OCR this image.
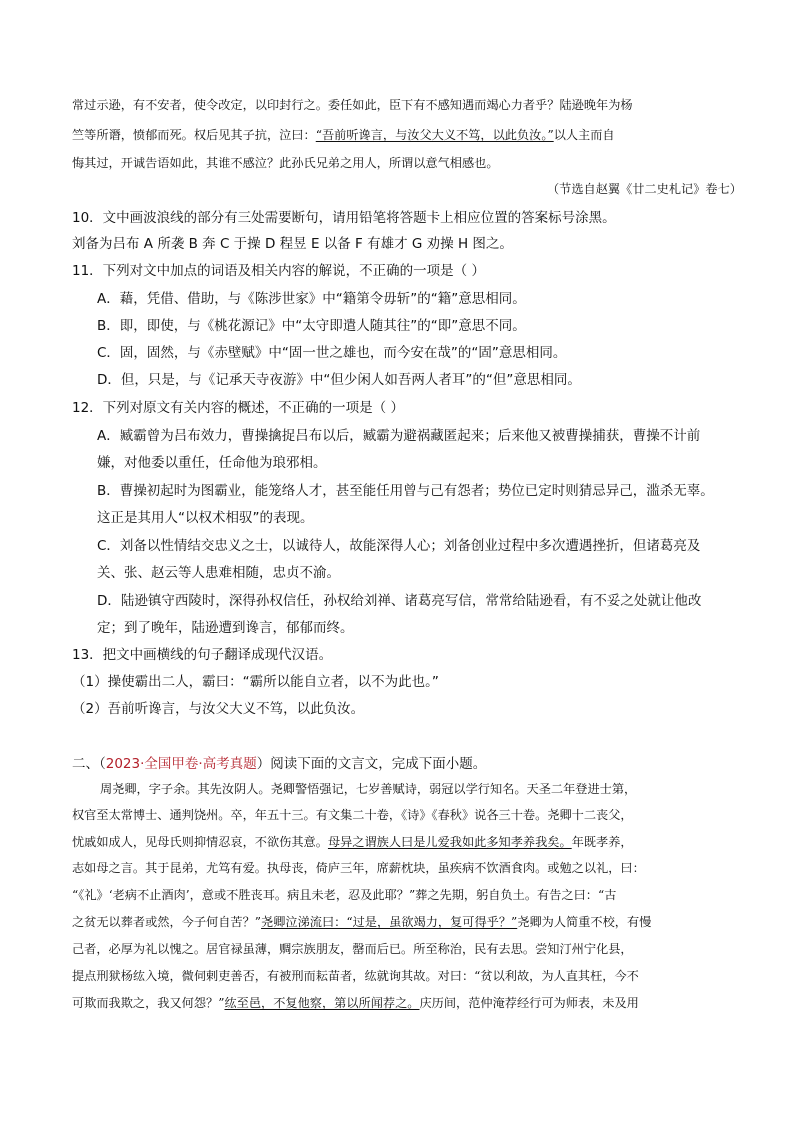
常过示逊，有不安者，使令改定，以印封行之。委任如此，臣下有不感知遇而竭心力者乎？陆逊晚年为杨
竺等所谮，愤郁而死。权后见其子抗，泣曰：“吾前听谗言，与汝父大义不笃，以此负汝。”以人主而自
悔其过，开诚告语如此，其谁不感泣？此孙氏兄弟之用人，所谓以意气相感也。
（节选自赵翼《廿二史札记》卷七）
10．文中画波浪线的部分有三处需要断句，请用铅笔将答题卡上相应位置的答案标号涂黑。
刘备为吕布 A 所袭 B 奔 C 于操 D 程昱 E 以备 F 有雄才 G 劝操 H 图之。
11．下列对文中加点的词语及相关内容的解说，不正确的一项是（ ）
A．藉，凭借、借助，与《陈涉世家》中“籍第令毋斩”的“籍”意思相同。
B．即，即使，与《桃花源记》中“太守即遣人随其往”的“即”意思不同。
C．固，固然，与《赤壁赋》中“固一世之雄也，而今安在哉”的“固”意思相同。
D．但，只是，与《记承天寺夜游》中“但少闲人如吾两人者耳”的“但”意思相同。
12．下列对原文有关内容的概述，不正确的一项是（ ）
A．臧霸曾为吕布效力，曹操擒捉吕布以后，臧霸为避祸藏匿起来；后来他又被曹操捕获，曹操不计前
嫌，对他委以重任，任命他为琅邪相。
B．曹操初起时为图霸业，能笼络人才，甚至能任用曾与己有怨者；势位已定时则猜忌异己，滥杀无辜。
这正是其用人“以权术相驭”的表现。
C．刘备以性情结交忠义之士，以诚待人，故能深得人心；刘备创业过程中多次遭遇挫折，但诸葛亮及
关、张、赵云等人患难相随，忠贞不渝。
D．陆逊镇守西陵时，深得孙权信任，孙权给刘禅、诸葛亮写信，常常给陆逊看，有不妥之处就让他改
定；到了晚年，陆逊遭到谗言，郁郁而终。
13．把文中画横线的句子翻译成现代汉语。
（1）操使霸出二人，霸曰：“霸所以能自立者，以不为此也。”
（2）吾前听谗言，与汝父大义不笃，以此负汝。
二、（2023·全国甲卷·高考真题）阅读下面的文言文，完成下面小题。
周尧卿，字子余。其先汝阴人。尧卿警悟强记，七岁善赋诗，弱冠以学行知名。天圣二年登进士第，
权官至太常博士、通判饶州。卒，年五十三。有文集二十卷，《诗》《春秋》说各三十卷。尧卿十二丧父，
忧戚如成人，见母氏则抑情忍哀，不欲伤其意。母异之谓族人曰是儿爱我如此多知孝养我矣。年既孝养，
志如母之言。其于昆弟，尤笃有爱。执母丧，倚庐三年，席薪枕块，虽疾病不饮酒食肉。或勉之以礼，曰：
“《礼》‘老病不止酒肉’，意或不胜丧耳。病且未老，忍及此耶？”葬之先期，躬自负土。有告之曰：“古
之贫无以葬者或然，今子何自苦？”尧卿泣涕流曰：“过是，虽欲竭力，复可得乎？”尧卿为人简重不校，有慢
己者，必厚为礼以愧之。居官禄虽薄，赒宗族朋友，罄而后已。所至称治，民有去思。尝知汀州宁化县，
提点刑狱杨纮入境，微伺剌吏善否，有被刑而耘苗者，纮就询其故。对曰：“贫以利故，为人直其枉，今不
可欺而我欺之，我又何怨？”纮至邑，不复他察，第以所闻荐之。庆历间，范仲淹荐经行可为师表，未及用
